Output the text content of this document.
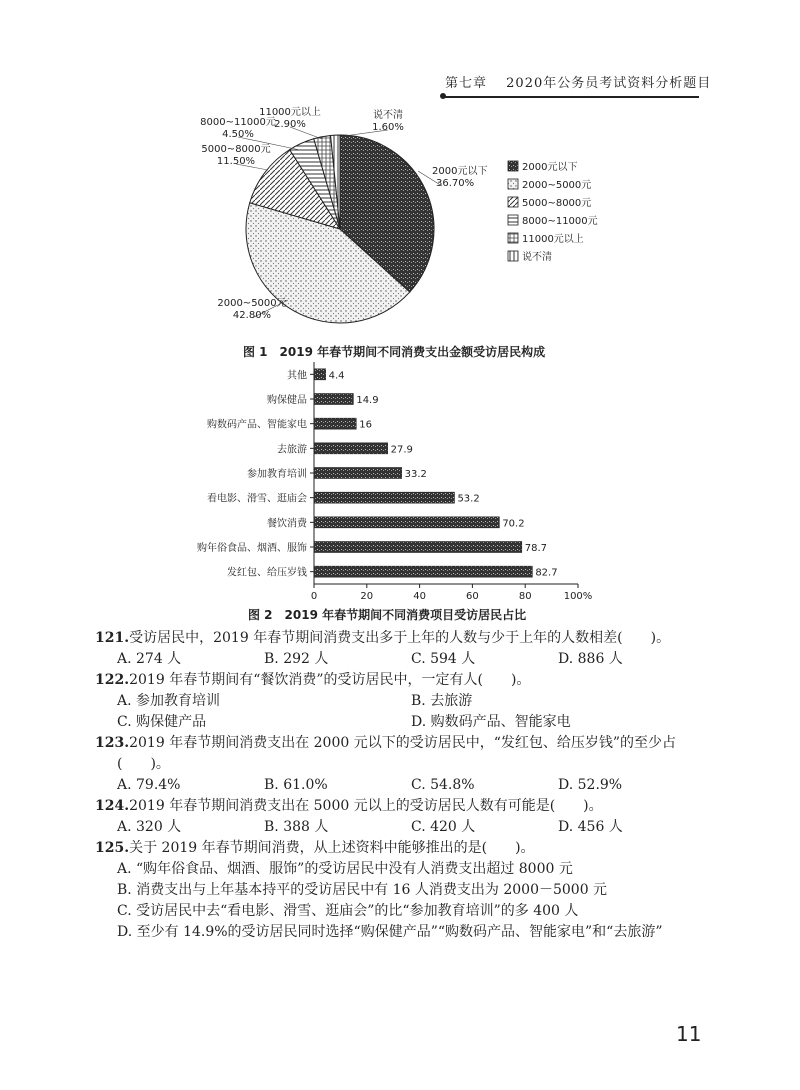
第七章　 2020年公务员考试资料分析题目
2000元以下
36.70%
2000~5000元
42.80%
5000~8000元
11.50%
8000~11000元
4.50%
11000元以上
2.90%
说不清
1.60%
2000元以下
2000~5000元
5000~8000元
8000~11000元
11000元以上
说不清
0	20	40	60	80	100%
其他 4.4
购保健品	14.9
购数码产品、智能家电	16
去旅游	27.9
参加教育培训	33.2
看电影、滑雪、逛庙会	53.2
餐饮消费	70.2
购年俗食品、烟酒、服饰	78.7
发红包、给压岁钱	82.7
图 1　2019 年春节期间不同消费支出金额受访居民构成
图 2　2019 年春节期间不同消费项目受访居民占比

121.受访居民中，2019 年春节期间消费支出多于上年的人数与少于上年的人数相差(　　)。

A. 274 人	B. 292 人	C. 594 人	D. 886 人

122.2019 年春节期间有“餐饮消费”的受访居民中，一定有人(　　)。

A. 参加教育培训	B. 去旅游
C. 购保健产品	D. 购数码产品、智能家电

123.2019 年春节期间消费支出在 2000 元以下的受访居民中，“发红包、给压岁钱”的至少占

(　　)。
A. 79.4%	B. 61.0%	C. 54.8%	D. 52.9%

124.2019 年春节期间消费支出在 5000 元以上的受访居民人数有可能是(　　)。

A. 320 人	B. 388 人	C. 420 人	D. 456 人

125.关于 2019 年春节期间消费，从上述资料中能够推出的是(　　)。

A. “购年俗食品、烟酒、服饰”的受访居民中没有人消费支出超过 8000 元
B. 消费支出与上年基本持平的受访居民中有 16 人消费支出为 2000－5000 元
C. 受访居民中去“看电影、滑雪、逛庙会”的比“参加教育培训”的多 400 人
D. 至少有 14.9%的受访居民同时选择“购保健产品”“购数码产品、智能家电”和“去旅游”
11
